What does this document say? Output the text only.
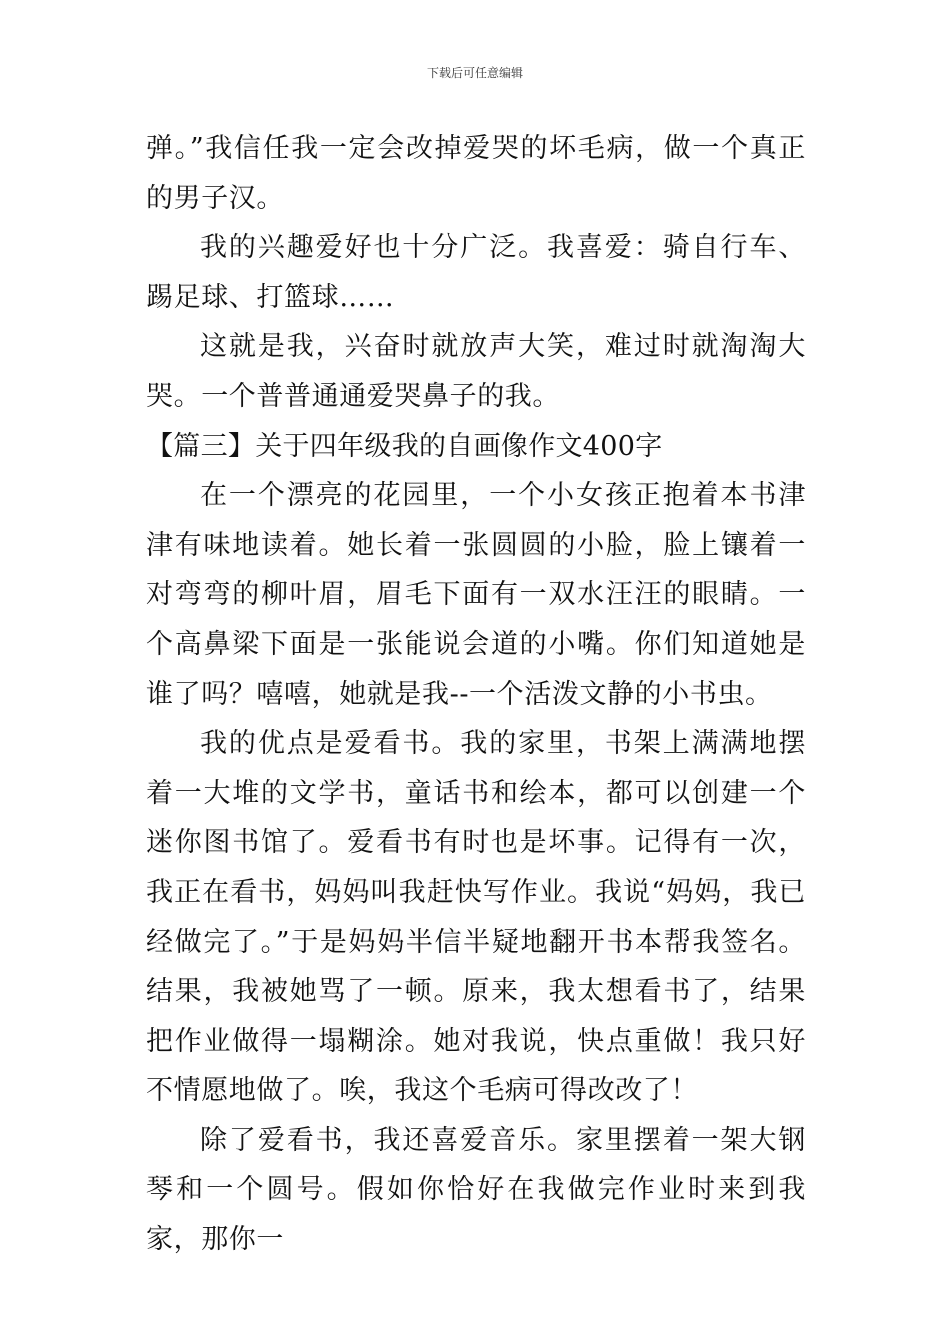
下载后可任意编辑

弹。”我信任我一定会改掉爱哭的坏毛病，做一个真正的男子汉。

我的兴趣爱好也十分广泛。我喜爱：骑自行车、踢足球、打篮球……

这就是我，兴奋时就放声大笑，难过时就淘淘大哭。一个普普通通爱哭鼻子的我。

【篇三】关于四年级我的自画像作文400字

在一个漂亮的花园里，一个小女孩正抱着本书津津有味地读着。她长着一张圆圆的小脸，脸上镶着一对弯弯的柳叶眉，眉毛下面有一双水汪汪的眼睛。一个高鼻梁下面是一张能说会道的小嘴。你们知道她是谁了吗？嘻嘻，她就是我--一个活泼文静的小书虫。

我的优点是爱看书。我的家里，书架上满满地摆着一大堆的文学书，童话书和绘本，都可以创建一个迷你图书馆了。爱看书有时也是坏事。记得有一次，我正在看书，妈妈叫我赶快写作业。我说“妈妈，我已经做完了。”于是妈妈半信半疑地翻开书本帮我签名。结果，我被她骂了一顿。原来，我太想看书了，结果把作业做得一塌糊涂。她对我说，快点重做！我只好不情愿地做了。唉，我这个毛病可得改改了！

除了爱看书，我还喜爱音乐。家里摆着一架大钢琴和一个圆号。假如你恰好在我做完作业时来到我家，那你一
